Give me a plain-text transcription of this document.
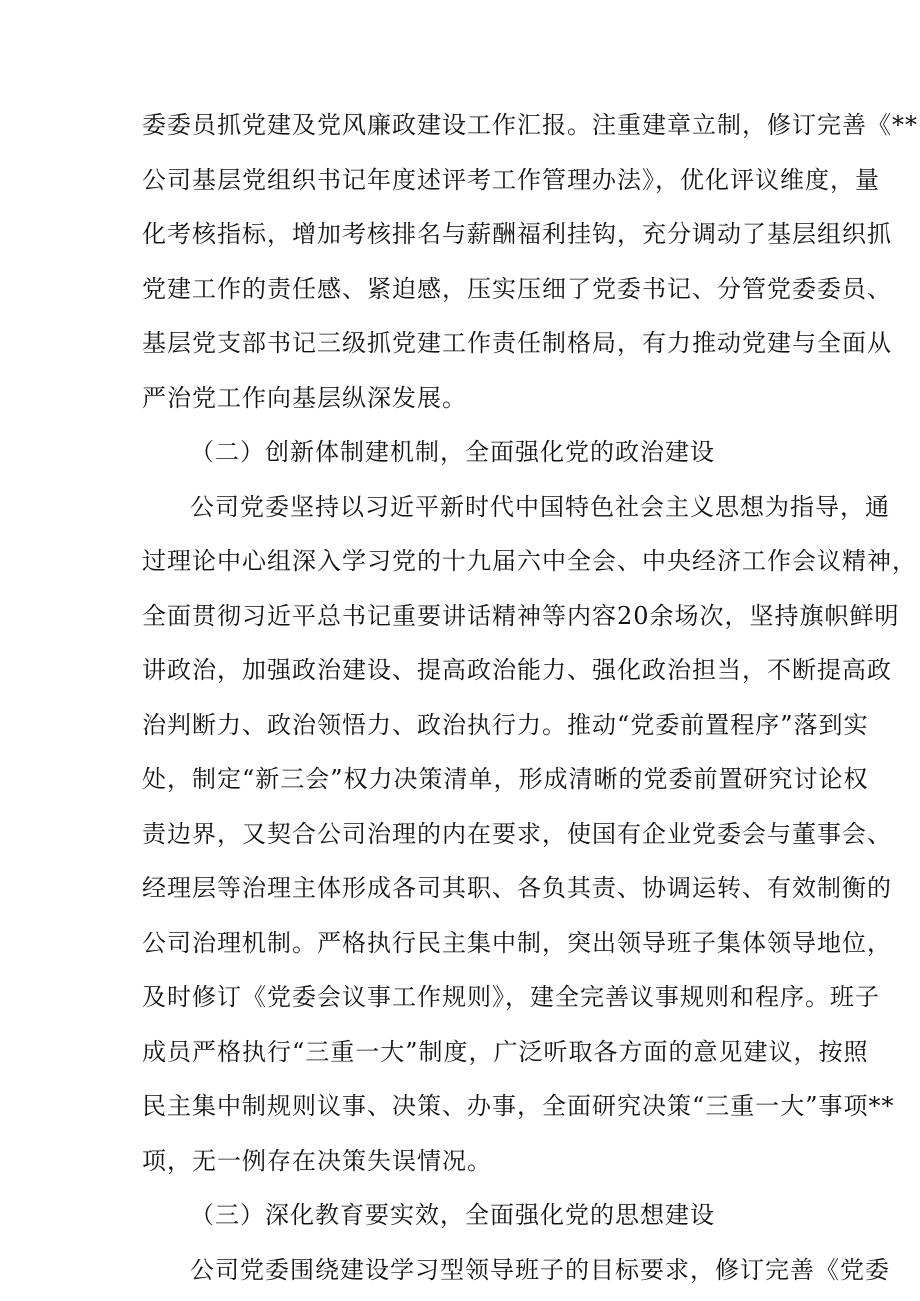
委委员抓党建及党风廉政建设工作汇报。注重建章立制，修订完善《**
公司基层党组织书记年度述评考工作管理办法》，优化评议维度，量
化考核指标，增加考核排名与薪酬福利挂钩，充分调动了基层组织抓
党建工作的责任感、紧迫感，压实压细了党委书记、分管党委委员、
基层党支部书记三级抓党建工作责任制格局，有力推动党建与全面从
严治党工作向基层纵深发展。
（二）创新体制建机制，全面强化党的政治建设
公司党委坚持以习近平新时代中国特色社会主义思想为指导，通
过理论中心组深入学习党的十九届六中全会、中央经济工作会议精神，
全面贯彻习近平总书记重要讲话精神等内容20余场次，坚持旗帜鲜明
讲政治，加强政治建设、提高政治能力、强化政治担当，不断提高政
治判断力、政治领悟力、政治执行力。推动“党委前置程序”落到实
处，制定“新三会”权力决策清单，形成清晰的党委前置研究讨论权
责边界，又契合公司治理的内在要求，使国有企业党委会与董事会、
经理层等治理主体形成各司其职、各负其责、协调运转、有效制衡的
公司治理机制。严格执行民主集中制，突出领导班子集体领导地位，
及时修订《党委会议事工作规则》，建全完善议事规则和程序。班子
成员严格执行“三重一大”制度，广泛听取各方面的意见建议，按照
民主集中制规则议事、决策、办事，全面研究决策“三重一大”事项**
项，无一例存在决策失误情况。
（三）深化教育要实效，全面强化党的思想建设
公司党委围绕建设学习型领导班子的目标要求，修订完善《党委
